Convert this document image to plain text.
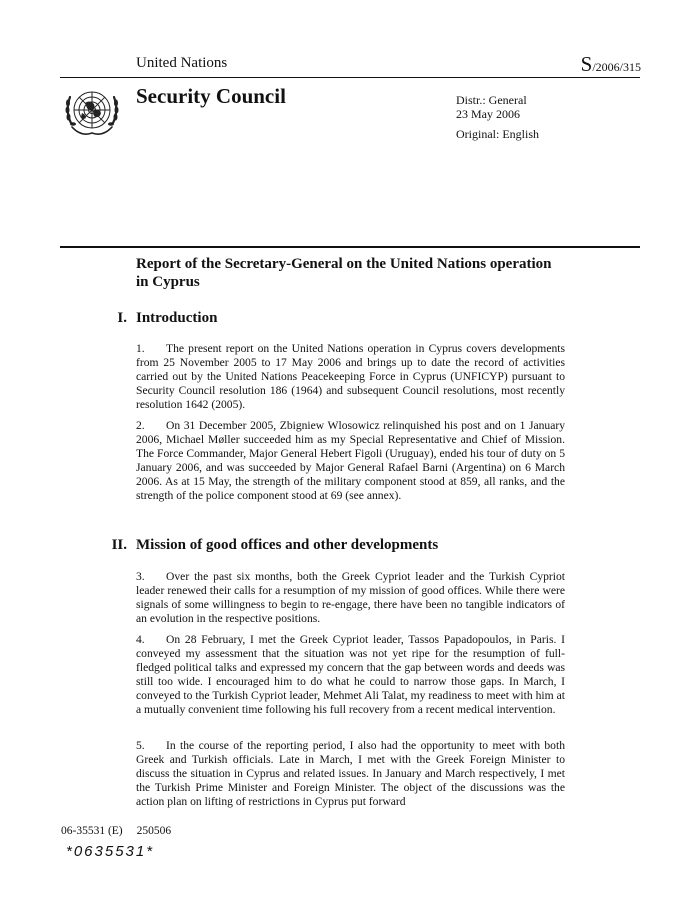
United Nations	S/2006/315
Security Council	Distr.: General
23 May 2006
Original: English
Report of the Secretary-General on the United Nations operation in Cyprus
I. Introduction
1. The present report on the United Nations operation in Cyprus covers developments from 25 November 2005 to 17 May 2006 and brings up to date the record of activities carried out by the United Nations Peacekeeping Force in Cyprus (UNFICYP) pursuant to Security Council resolution 186 (1964) and subsequent Council resolutions, most recently resolution 1642 (2005).
2. On 31 December 2005, Zbigniew Wlosowicz relinquished his post and on 1 January 2006, Michael Møller succeeded him as my Special Representative and Chief of Mission. The Force Commander, Major General Hebert Figoli (Uruguay), ended his tour of duty on 5 January 2006, and was succeeded by Major General Rafael Barni (Argentina) on 6 March 2006. As at 15 May, the strength of the military component stood at 859, all ranks, and the strength of the police component stood at 69 (see annex).
II. Mission of good offices and other developments
3. Over the past six months, both the Greek Cypriot leader and the Turkish Cypriot leader renewed their calls for a resumption of my mission of good offices. While there were signals of some willingness to begin to re-engage, there have been no tangible indicators of an evolution in the respective positions.
4. On 28 February, I met the Greek Cypriot leader, Tassos Papadopoulos, in Paris. I conveyed my assessment that the situation was not yet ripe for the resumption of full-fledged political talks and expressed my concern that the gap between words and deeds was still too wide. I encouraged him to do what he could to narrow those gaps. In March, I conveyed to the Turkish Cypriot leader, Mehmet Ali Talat, my readiness to meet with him at a mutually convenient time following his full recovery from a recent medical intervention.
5. In the course of the reporting period, I also had the opportunity to meet with both Greek and Turkish officials. Late in March, I met with the Greek Foreign Minister to discuss the situation in Cyprus and related issues. In January and March respectively, I met the Turkish Prime Minister and Foreign Minister. The object of the discussions was the action plan on lifting of restrictions in Cyprus put forward
06-35531 (E) 250506
*0635531*
